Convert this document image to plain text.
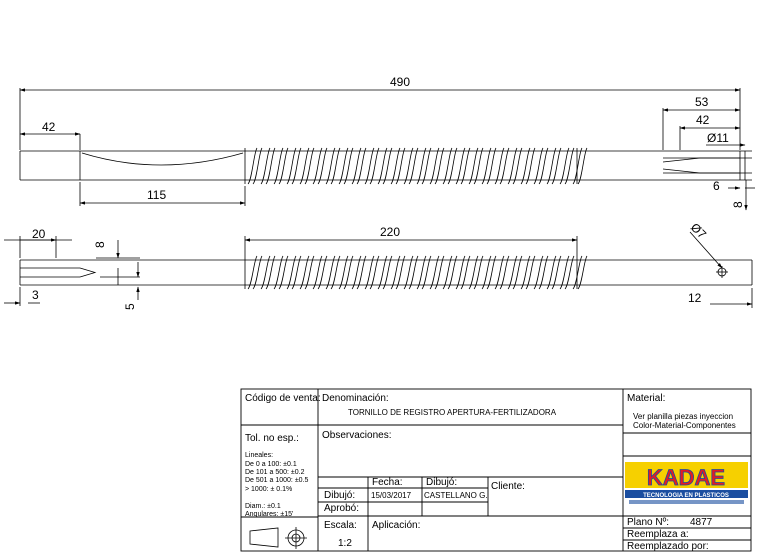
490
42
115
53
42
Ø11
6
8
20
8
3
5
220	Ø7
12
Código de venta: Denominación:
TORNILLO DE REGISTRO APERTURA-FERTILIZADORA
Material:
Ver planilla piezas inyeccion
Color-Material-Componentes
Tol. no esp.:
Lineales:
De 0 a 100: ±0.1
De 101 a 500: ±0.2
De 501 a 1000: ±0.5
> 1000: ± 0.1%
Diam.: ±0.1
Angulares: ±15'
Observaciones:
Fecha: Dibujó:
Dibujó: 15/03/2017 CASTELLANO G.
Aprobó:
Cliente:
Escala:
1:2
Aplicación:	Plano Nº: 4877
Reemplaza a:
Reemplazado por:
KADAE
TECNOLOGIA EN PLASTICOS
